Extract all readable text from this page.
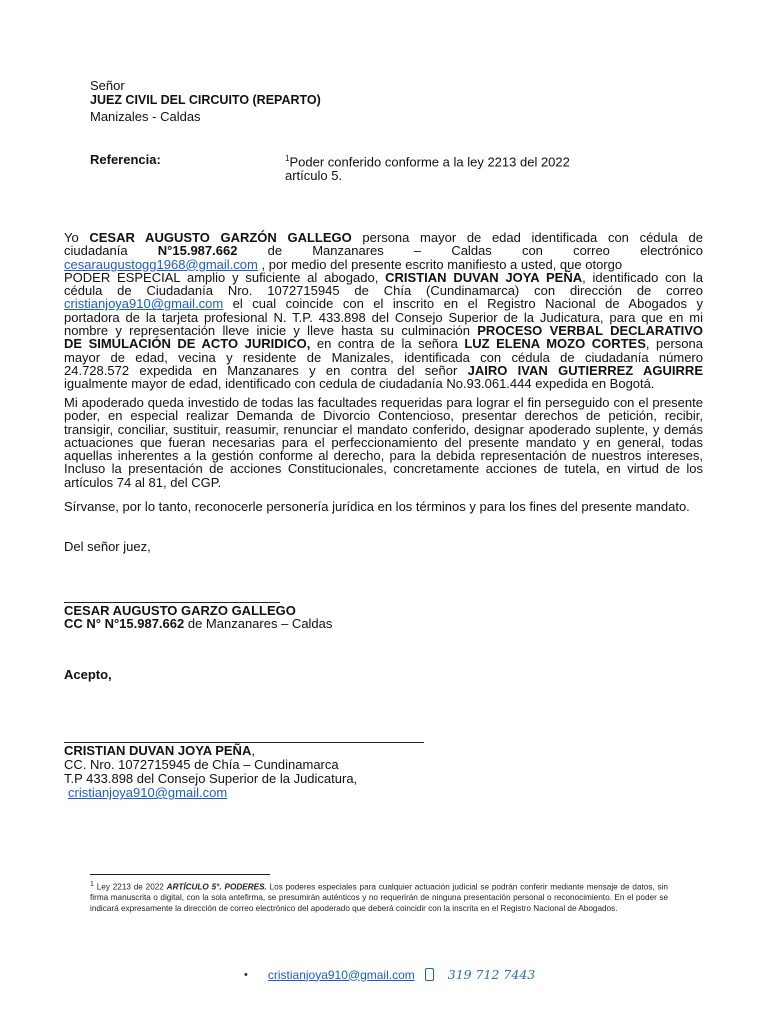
Señor
JUEZ CIVIL DEL CIRCUITO (REPARTO)
Manizales - Caldas
Referencia:	$^1$Poder conferido conforme a la ley 2213 del 2022
artículo 5.
Yo CESAR AUGUSTO GARZÓN GALLEGO persona mayor de edad identificada con cédula de
ciudadanía N°15.987.662 de Manzanares – Caldas con correo electrónico
cesaraugustogg1968@gmail.com , por medio del presente escrito manifiesto a usted, que otorgo
PODER ESPECIAL amplio y suficiente al abogado, CRISTIAN DUVAN JOYA PEÑA, identificado con la
cédula de Ciudadanía Nro. 1072715945 de Chía (Cundinamarca) con dirección de correo
cristianjoya910@gmail.com el cual coincide con el inscrito en el Registro Nacional de Abogados y
portadora de la tarjeta profesional N. T.P. 433.898 del Consejo Superior de la Judicatura, para que en mi
nombre y representación lleve inicie y lleve hasta su culminación PROCESO VERBAL DECLARATIVO
DE SIMULACIÓN DE ACTO JURIDICO, en contra de la señora LUZ ELENA MOZO CORTES, persona
mayor de edad, vecina y residente de Manizales, identificada con cédula de ciudadanía número
24.728.572 expedida en Manzanares y en contra del señor JAIRO IVAN GUTIERREZ AGUIRRE
igualmente mayor de edad, identificado con cedula de ciudadanía No.93.061.444 expedida en Bogotá.
Mi apoderado queda investido de todas las facultades requeridas para lograr el fin perseguido con el presente poder, en especial realizar Demanda de Divorcio Contencioso, presentar derechos de petición, recibir, transigir, conciliar, sustituir, reasumir, renunciar el mandato conferido, designar apoderado suplente, y demás actuaciones que fueran necesarias para el perfeccionamiento del presente mandato y en general, todas aquellas inherentes a la gestión conforme al derecho, para la debida representación de nuestros intereses, Incluso la presentación de acciones Constitucionales, concretamente acciones de tutela, en virtud de los artículos 74 al 81, del CGP.
Sírvanse, por lo tanto, reconocerle personería jurídica en los términos y para los fines del presente mandato.
Del señor juez,
CESAR AUGUSTO GARZO GALLEGO
CC N° N°15.987.662 de Manzanares – Caldas
Acepto,
CRISTIAN DUVAN JOYA PEÑA,
CC. Nro. 1072715945 de Chía – Cundinamarca
T.P 433.898 del Consejo Superior de la Judicatura,
cristianjoya910@gmail.com
$^1$ Ley 2213 de 2022 ARTÍCULO 5°. PODERES. Los poderes especiales para cualquier actuación judicial se podrán conferir mediante mensaje de datos, sin firma manuscrita o digital, con la sola antefirma, se presumirán auténticos y no requerirán de ninguna presentación personal o reconocimiento. En el poder se indicará expresamente la dirección de correo electrónico del apoderado que deberá coincidir con la inscrita en el Registro Nacional de Abogados.
• cristianjoya910@gmail.com	319 712 7443
